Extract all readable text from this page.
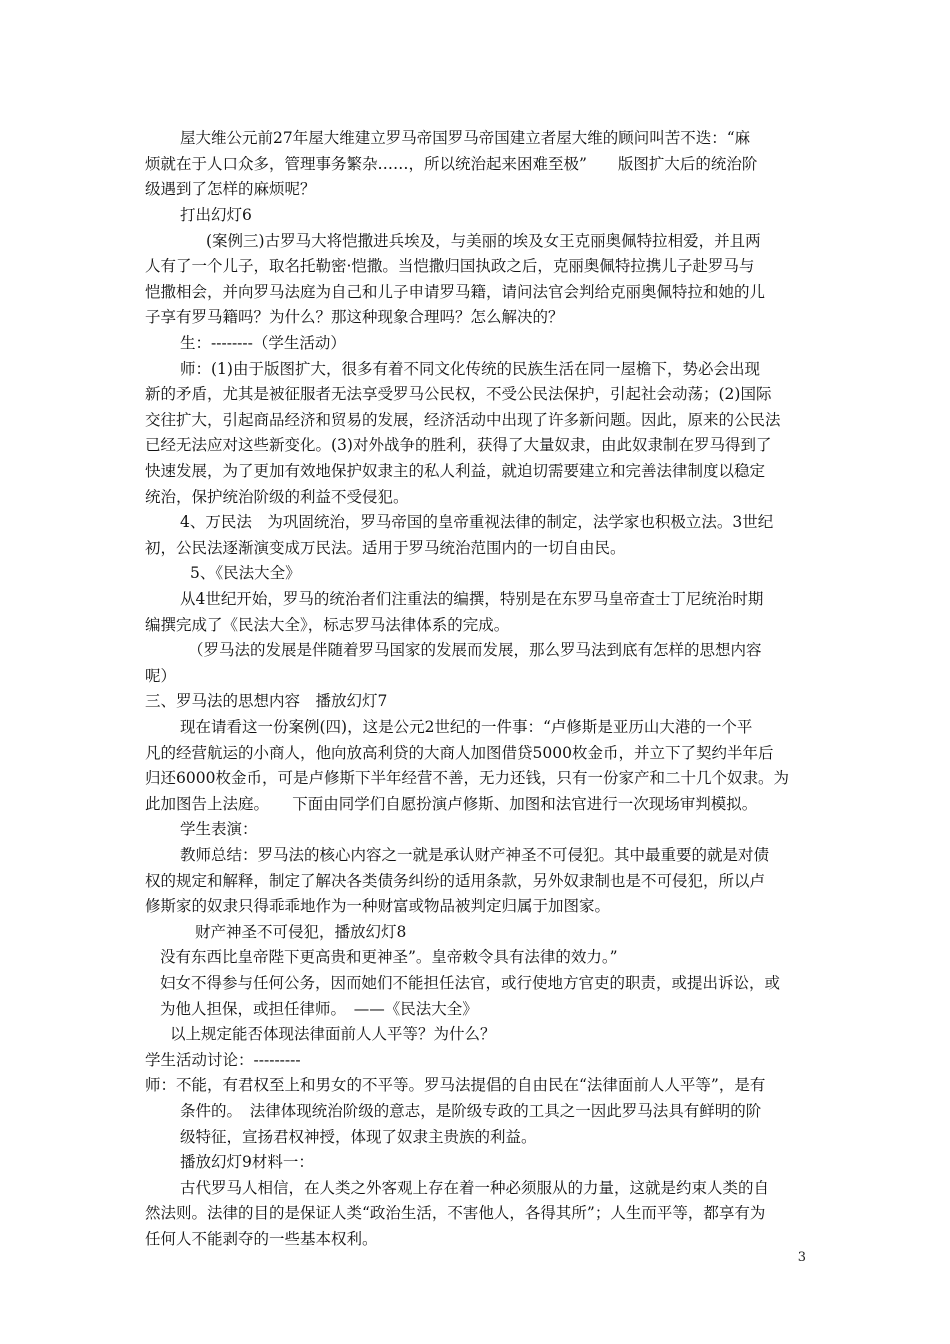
屋大维公元前27年屋大维建立罗马帝国罗马帝国建立者屋大维的顾问叫苦不迭：“麻
烦就在于人口众多，管理事务繁杂……，所以统治起来困难至极”　　版图扩大后的统治阶
级遇到了怎样的麻烦呢？
打出幻灯6
(案例三)古罗马大将恺撒进兵埃及，与美丽的埃及女王克丽奥佩特拉相爱，并且两
人有了一个儿子，取名托勒密·恺撒。当恺撒归国执政之后，克丽奥佩特拉携儿子赴罗马与
恺撒相会，并向罗马法庭为自己和儿子申请罗马籍，请问法官会判给克丽奥佩特拉和她的儿
子享有罗马籍吗？为什么？那这种现象合理吗？怎么解决的？
生：--------（学生活动）
师：(1)由于版图扩大，很多有着不同文化传统的民族生活在同一屋檐下，势必会出现
新的矛盾，尤其是被征服者无法享受罗马公民权，不受公民法保护，引起社会动荡；(2)国际
交往扩大，引起商品经济和贸易的发展，经济活动中出现了许多新问题。因此，原来的公民法
已经无法应对这些新变化。(3)对外战争的胜利，获得了大量奴隶，由此奴隶制在罗马得到了
快速发展，为了更加有效地保护奴隶主的私人利益，就迫切需要建立和完善法律制度以稳定
统治，保护统治阶级的利益不受侵犯。
4、万民法　为巩固统治，罗马帝国的皇帝重视法律的制定，法学家也积极立法。3世纪
初，公民法逐渐演变成万民法。适用于罗马统治范围内的一切自由民。
5、《民法大全》
从4世纪开始，罗马的统治者们注重法的编撰，特别是在东罗马皇帝查士丁尼统治时期
编撰完成了《民法大全》，标志罗马法律体系的完成。
（罗马法的发展是伴随着罗马国家的发展而发展，那么罗马法到底有怎样的思想内容
呢）
三、罗马法的思想内容　播放幻灯7
现在请看这一份案例(四)，这是公元2世纪的一件事：“卢修斯是亚历山大港的一个平
凡的经营航运的小商人，他向放高利贷的大商人加图借贷5000枚金币，并立下了契约半年后
归还6000枚金币，可是卢修斯下半年经营不善，无力还钱，只有一份家产和二十几个奴隶。为
此加图告上法庭。　　下面由同学们自愿扮演卢修斯、加图和法官进行一次现场审判模拟。
学生表演：
教师总结：罗马法的核心内容之一就是承认财产神圣不可侵犯。其中最重要的就是对债
权的规定和解释，制定了解决各类债务纠纷的适用条款，另外奴隶制也是不可侵犯，所以卢
修斯家的奴隶只得乖乖地作为一种财富或物品被判定归属于加图家。
财产神圣不可侵犯，播放幻灯8
没有东西比皇帝陛下更高贵和更神圣”。皇帝敕令具有法律的效力。”
妇女不得参与任何公务，因而她们不能担任法官，或行使地方官吏的职责，或提出诉讼，或
为他人担保，或担任律师。　——《民法大全》
以上规定能否体现法律面前人人平等？为什么？
学生活动讨论：---------
师：不能，有君权至上和男女的不平等。罗马法提倡的自由民在“法律面前人人平等”，是有
条件的。　法律体现统治阶级的意志，是阶级专政的工具之一因此罗马法具有鲜明的阶
级特征，宣扬君权神授，体现了奴隶主贵族的利益。
播放幻灯9材料一：
古代罗马人相信，在人类之外客观上存在着一种必须服从的力量，这就是约束人类的自
然法则。法律的目的是保证人类“政治生活，不害他人，各得其所”；人生而平等，都享有为
任何人不能剥夺的一些基本权利。
3
